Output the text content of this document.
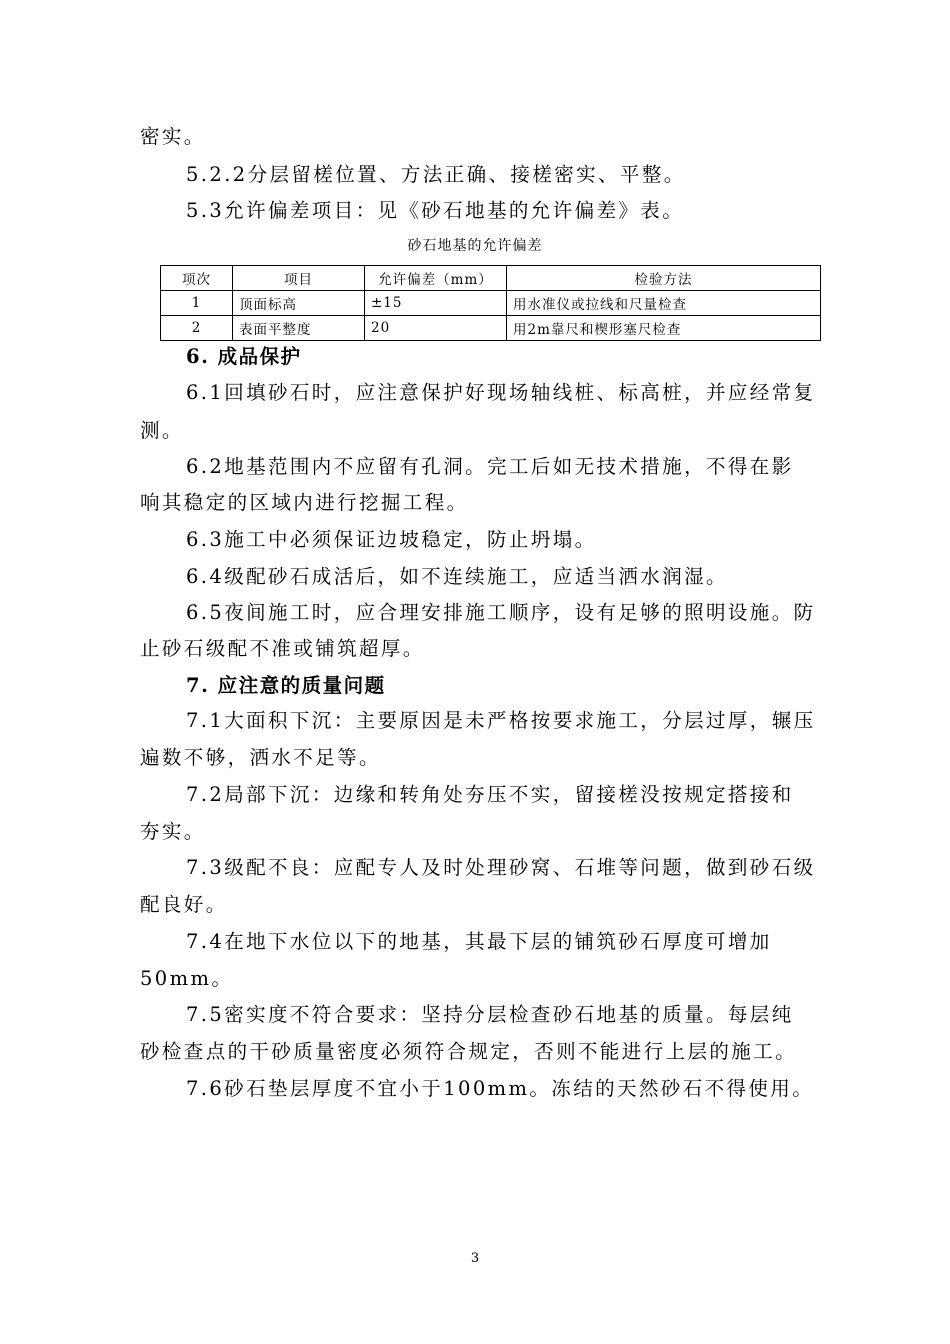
密实。
5.2.2分层留槎位置、方法正确、接槎密实、平整。
5.3允许偏差项目：见《砂石地基的允许偏差》表。
砂石地基的允许偏差
项次	项目	允许偏差（mm）	检验方法
1	顶面标高	±15	用水准仪或拉线和尺量检查
2	表面平整度	20	用2m靠尺和楔形塞尺检查
6. 成品保护
6.1回填砂石时，应注意保护好现场轴线桩、标高桩，并应经常复
测。
6.2地基范围内不应留有孔洞。完工后如无技术措施，不得在影
响其稳定的区域内进行挖掘工程。
6.3施工中必须保证边坡稳定，防止坍塌。
6.4级配砂石成活后，如不连续施工，应适当洒水润湿。
6.5夜间施工时，应合理安排施工顺序，设有足够的照明设施。防
止砂石级配不准或铺筑超厚。
7. 应注意的质量问题
7.1大面积下沉：主要原因是未严格按要求施工，分层过厚，辗压
遍数不够，洒水不足等。
7.2局部下沉：边缘和转角处夯压不实，留接槎没按规定搭接和
夯实。
7.3级配不良：应配专人及时处理砂窝、石堆等问题，做到砂石级
配良好。
7.4在地下水位以下的地基，其最下层的铺筑砂石厚度可增加
50mm。
7.5密实度不符合要求：坚持分层检查砂石地基的质量。每层纯
砂检查点的干砂质量密度必须符合规定，否则不能进行上层的施工。
7.6砂石垫层厚度不宜小于100mm。冻结的天然砂石不得使用。
3
